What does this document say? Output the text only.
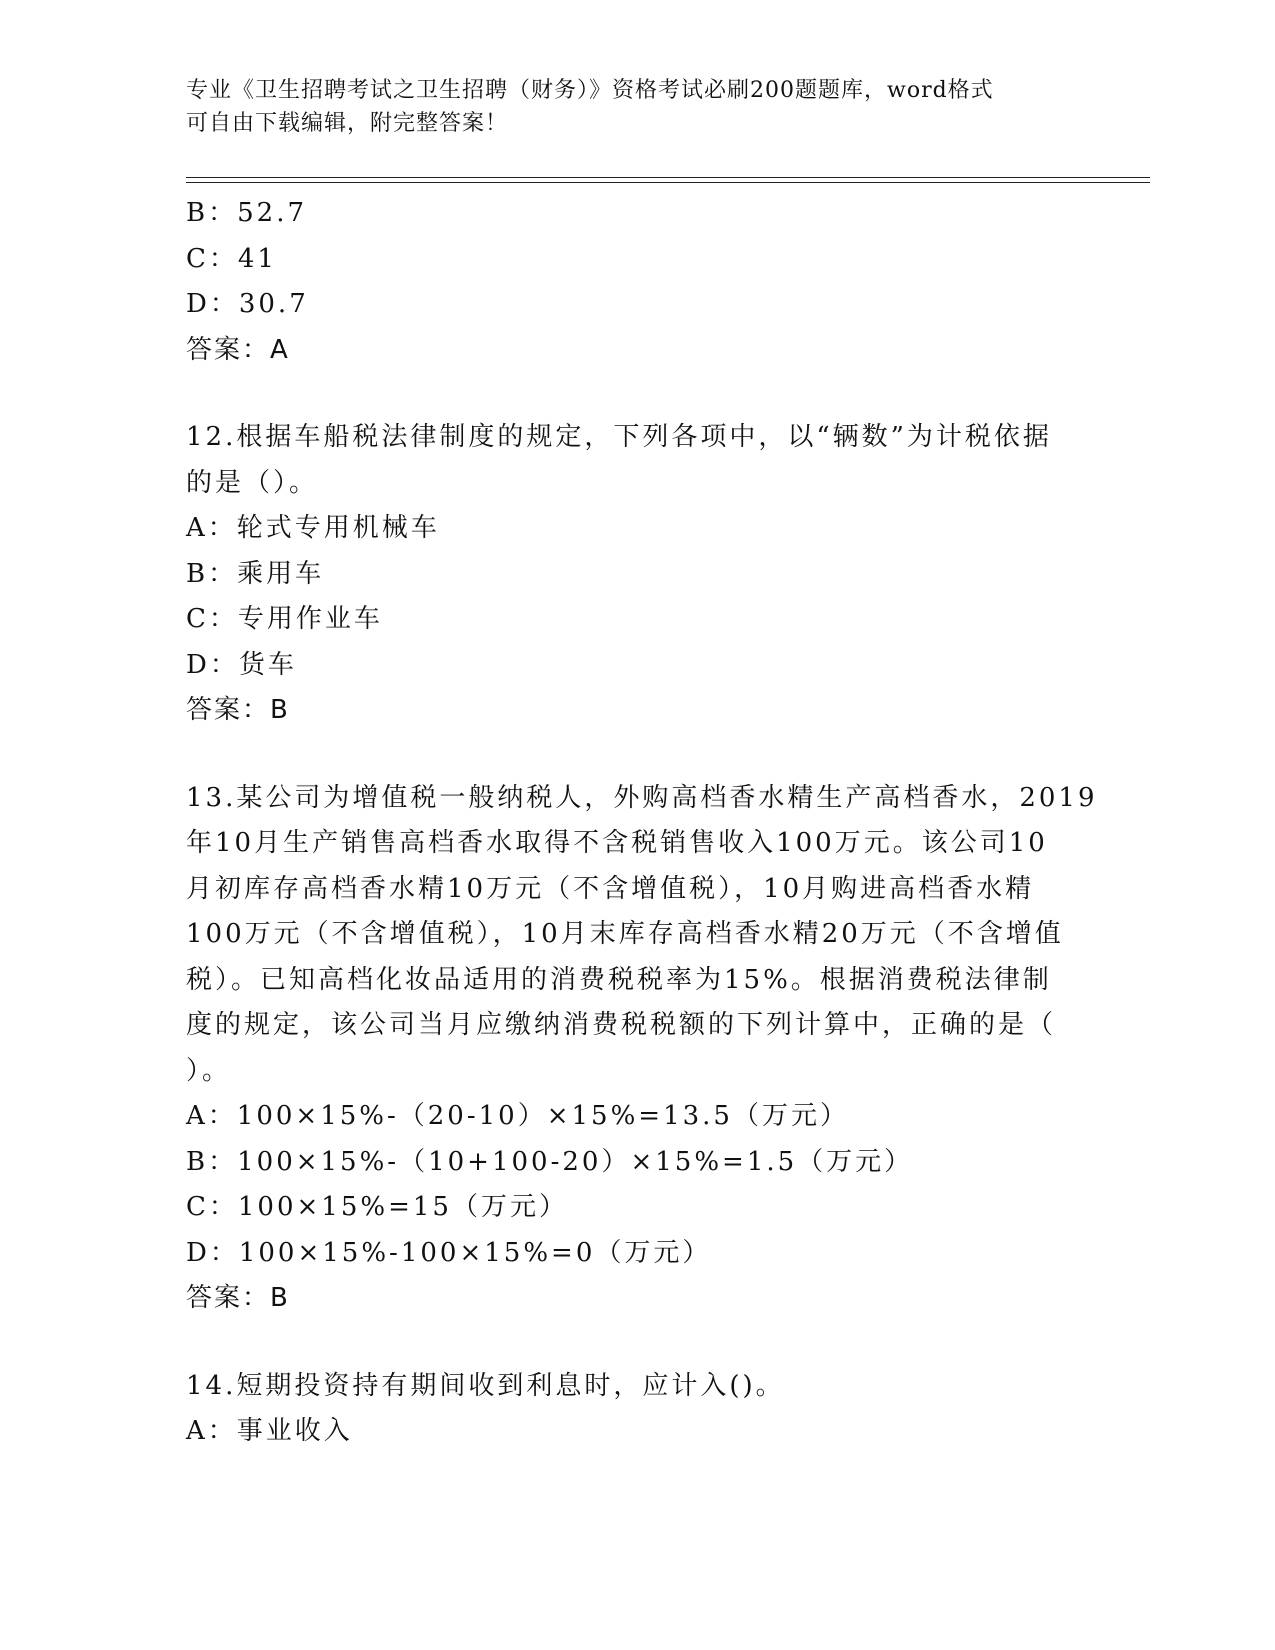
专业《卫生招聘考试之卫生招聘（财务）》资格考试必刷200题题库，word格式
可自由下载编辑，附完整答案！
B：52.7
C：41
D：30.7
答案：A
12.根据车船税法律制度的规定，下列各项中，以“辆数”为计税依据
的是（）。
A：轮式专用机械车
B：乘用车
C：专用作业车
D：货车
答案：B
13.某公司为增值税一般纳税人，外购高档香水精生产高档香水，2019
年10月生产销售高档香水取得不含税销售收入100万元。该公司10
月初库存高档香水精10万元（不含增值税），10月购进高档香水精
100万元（不含增值税），10月末库存高档香水精20万元（不含增值
税）。已知高档化妆品适用的消费税税率为15%。根据消费税法律制
度的规定，该公司当月应缴纳消费税税额的下列计算中，正确的是（
）。
A：100×15%-（20-10）×15%=13.5（万元）
B：100×15%-（10+100-20）×15%=1.5（万元）
C：100×15%=15（万元）
D：100×15%-100×15%=0（万元）
答案：B
14.短期投资持有期间收到利息时，应计入()。
A：事业收入
